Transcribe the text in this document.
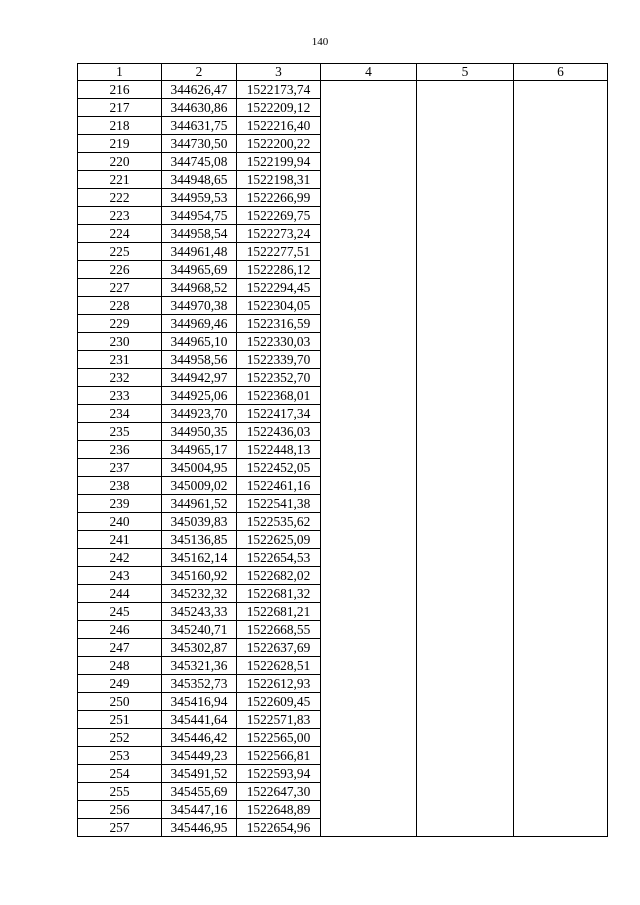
140
1	2	3	4	5	6
216	344626,47	1522173,74			
217	344630,86	1522209,12			
218	344631,75	1522216,40			
219	344730,50	1522200,22			
220	344745,08	1522199,94			
221	344948,65	1522198,31			
222	344959,53	1522266,99			
223	344954,75	1522269,75			
224	344958,54	1522273,24			
225	344961,48	1522277,51			
226	344965,69	1522286,12			
227	344968,52	1522294,45			
228	344970,38	1522304,05			
229	344969,46	1522316,59			
230	344965,10	1522330,03			
231	344958,56	1522339,70			
232	344942,97	1522352,70			
233	344925,06	1522368,01			
234	344923,70	1522417,34			
235	344950,35	1522436,03			
236	344965,17	1522448,13			
237	345004,95	1522452,05			
238	345009,02	1522461,16			
239	344961,52	1522541,38			
240	345039,83	1522535,62			
241	345136,85	1522625,09			
242	345162,14	1522654,53			
243	345160,92	1522682,02			
244	345232,32	1522681,32			
245	345243,33	1522681,21			
246	345240,71	1522668,55			
247	345302,87	1522637,69			
248	345321,36	1522628,51			
249	345352,73	1522612,93			
250	345416,94	1522609,45			
251	345441,64	1522571,83			
252	345446,42	1522565,00			
253	345449,23	1522566,81			
254	345491,52	1522593,94			
255	345455,69	1522647,30			
256	345447,16	1522648,89			
257	345446,95	1522654,96			
